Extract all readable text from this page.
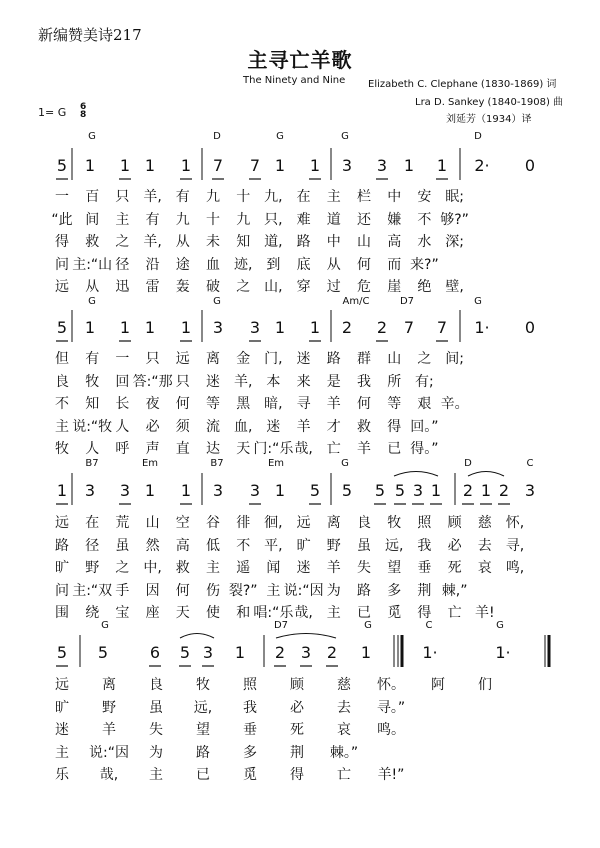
新编赞美诗217
主寻亡羊歌
The Ninety and Nine Elizabeth C. Clephane (1830-1869) 词
Lra D. Sankey (1840-1908) 曲
刘延芳（1934）译
1= G 6
8
G	D	G	G	D
5 1 1 1 1 7 7 1 1 3 3 1 1 2· 0
一 百 只 羊, 有 九 十 九, 在 主 栏 中 安 眠;
“此 间 主 有 九 十 九 只, 难 道 还 嫌 不 够?”
得 救 之 羊, 从 未 知 道, 路 中 山 高 水 深;
问 主:“山 径 沿 途 血 迹, 到 底 从 何 而 来?”
远 从 迅 雷 轰 破 之 山, 穿 过 危 崖 绝 壁,
G	G	Am/C	D7	G
5 1 1 1 1 3 3 1 1 2 2 7 7 1· 0
但 有 一 只 远 离 金 门, 迷 路 群 山 之 间;
良 牧 回 答:“那 只 迷 羊, 本 来 是 我 所 有;
不 知 长 夜 何 等 黑 暗, 寻 羊 何 等 艰 辛。
主 说:“牧 人 必 须 流 血, 迷 羊 才 救 得 回。”
牧 人 呼 声 直 达 天 门:“乐 哉, 亡 羊 已 得。”
B7	Em	B7	Em	G	D	C
1 3 3 1 1 3 3 1 5 5 5 5 3 1 2 1 2 3
远 在 荒 山 空 谷 徘 徊, 远 离 良 牧 照 顾 慈 怀,
路 径 虽 然 高 低 不 平, 旷 野 虽 远, 我 必 去 寻,
旷 野 之 中, 救 主 遥 闻 迷 羊 失 望 垂 死 哀 鸣,
问 主:“双 手 因 何 伤 裂?” 主 说:“因 为 路 多 荆 棘,”
围 绕 宝 座 天 使 和 唱:“乐 哉, 主 已 觅 得 亡 羊!
G	D7	G	C	G
5 5	6 5 3 1 2 3 2 1	1·	1·
远 离 良 牧 照 顾 慈 怀。 阿 们
旷 野 虽 远, 我 必 去 寻。”
迷 羊 失 望 垂 死 哀 鸣。
主 说:“因 为 路 多 荆 棘。”
乐 哉, 主 已 觅 得 亡 羊!”
